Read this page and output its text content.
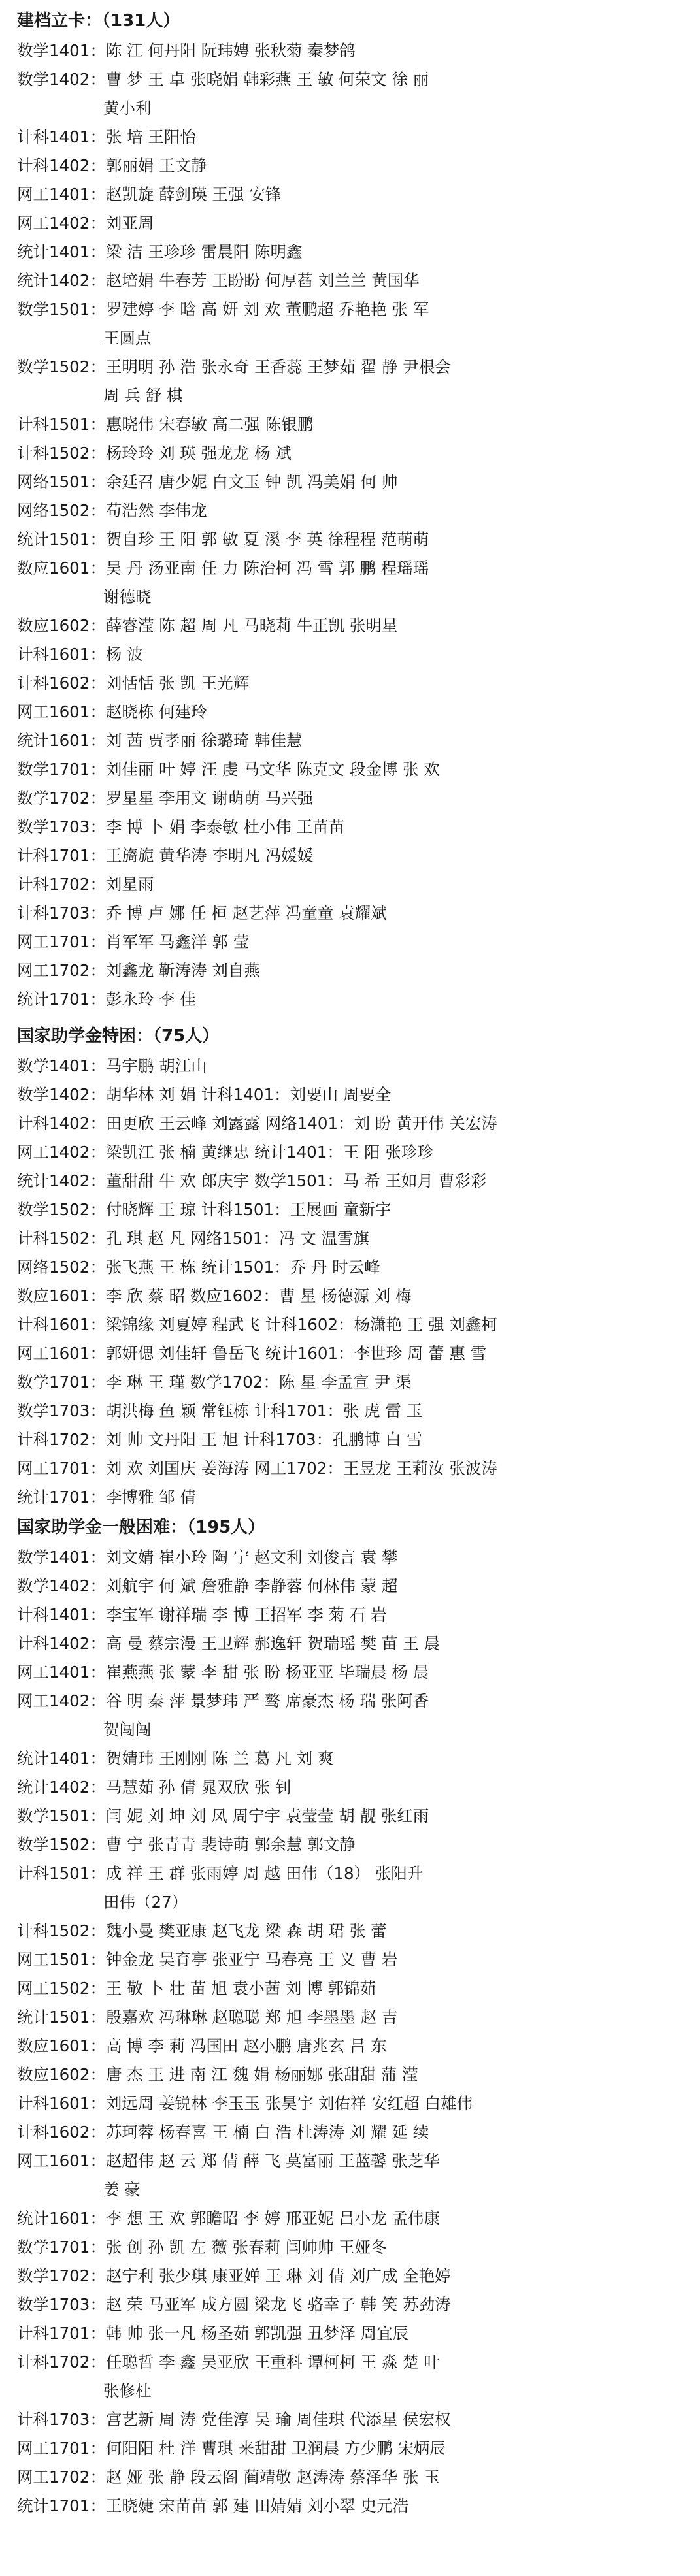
建档立卡：（131人）
数学1401：陈 江 何丹阳 阮玮娉 张秋菊 秦梦鸽
数学1402：曹 梦 王 卓 张晓娟 韩彩燕 王 敏 何荣文 徐 丽
黄小利
计科1401：张 培 王阳怡
计科1402：郭丽娟 王文静
网工1401：赵凯旋 薛剑瑛 王强 安锋
网工1402：刘亚周
统计1401：梁 洁 王珍珍 雷晨阳 陈明鑫
统计1402：赵培娟 牛春芳 王盼盼 何厚萏 刘兰兰 黄国华
数学1501：罗建婷 李 晗 高 妍 刘 欢 董鹏超 乔艳艳 张 军
王圆点
数学1502：王明明 孙 浩 张永奇 王香蕊 王梦茹 翟 静 尹根会
周 兵 舒 棋
计科1501：惠晓伟 宋春敏 高二强 陈银鹏
计科1502：杨玲玲 刘 瑛 强龙龙 杨 斌
网络1501：余廷召 唐少妮 白文玉 钟 凯 冯美娟 何 帅
网络1502：苟浩然 李伟龙
统计1501：贺自珍 王 阳 郭 敏 夏 溪 李 英 徐程程 范萌萌
数应1601：吴 丹 汤亚南 任 力 陈治柯 冯 雪 郭 鹏 程瑶瑶
谢德晓
数应1602：薛睿滢 陈 超 周 凡 马晓莉 牛正凯 张明星
计科1601：杨 波
计科1602：刘恬恬 张 凯 王光辉
网工1601：赵晓栋 何建玲
统计1601：刘 茜 贾孝丽 徐璐琦 韩佳慧
数学1701：刘佳丽 叶 婷 汪 虔 马文华 陈克文 段金博 张 欢
数学1702：罗星星 李用文 谢萌萌 马兴强
数学1703：李 博 卜 娟 李泰敏 杜小伟 王苗苗
计科1701：王旖旎 黄华涛 李明凡 冯媛媛
计科1702：刘星雨
计科1703：乔 博 卢 娜 任 桓 赵艺萍 冯童童 袁耀斌
网工1701：肖军军 马鑫洋 郭 莹
网工1702：刘鑫龙 靳涛涛 刘自燕
统计1701：彭永玲 李 佳
国家助学金特困：（75人）
数学1401：马宇鹏 胡江山
数学1402：胡华林 刘 娟 计科1401：刘要山 周要全
计科1402：田更欣 王云峰 刘露露 网络1401：刘 盼 黄开伟 关宏涛
网工1402：梁凯江 张 楠 黄继忠 统计1401：王 阳 张珍珍
统计1402：董甜甜 牛 欢 郎庆宇 数学1501：马 希 王如月 曹彩彩
数学1502：付晓辉 王 琼 计科1501：王展画 童新宇
计科1502：孔 琪 赵 凡 网络1501：冯 文 温雪旗
网络1502：张飞燕 王 栋 统计1501：乔 丹 时云峰
数应1601：李 欣 蔡 昭 数应1602：曹 星 杨德源 刘 梅
计科1601：梁锦缘 刘夏婷 程武飞 计科1602：杨潇艳 王 强 刘鑫柯
网工1601：郭妍偲 刘佳轩 鲁岳飞 统计1601：李世珍 周 蕾 惠 雪
数学1701：李 琳 王 瑾 数学1702：陈 星 李孟宣 尹 渠
数学1703：胡洪梅 鱼 颖 常钰栋 计科1701：张 虎 雷 玉
计科1702：刘 帅 文丹阳 王 旭 计科1703：孔鹏博 白 雪
网工1701：刘 欢 刘国庆 姜海涛 网工1702：王昱龙 王莉汝 张波涛
统计1701：李博雅 邹 倩
国家助学金一般困难：（195人）
数学1401：刘文婧 崔小玲 陶 宁 赵文利 刘俊言 袁 攀
数学1402：刘航宇 何 斌 詹雅静 李静蓉 何林伟 蒙 超
计科1401：李宝军 谢祥瑞 李 博 王招军 李 菊 石 岩
计科1402：高 曼 蔡宗漫 王卫辉 郝逸轩 贺瑞瑶 樊 苗 王 晨
网工1401：崔燕燕 张 蒙 李 甜 张 盼 杨亚亚 毕瑞晨 杨 晨
网工1402：谷 明 秦 萍 景梦玮 严 骜 席豪杰 杨 瑞 张阿香
贺闯闯
统计1401：贺婧玮 王刚刚 陈 兰 葛 凡 刘 爽
统计1402：马慧茹 孙 倩 晁双欣 张 钊
数学1501：闫 妮 刘 坤 刘 凤 周宁宇 袁莹莹 胡 靓 张红雨
数学1502：曹 宁 张青青 裴诗萌 郭余慧 郭文静
计科1501：成 祥 王 群 张雨婷 周 越 田伟（18） 张阳升
田伟（27）
计科1502：魏小曼 樊亚康 赵飞龙 梁 森 胡 珺 张 蕾
网工1501：钟金龙 吴育亭 张亚宁 马春亮 王 义 曹 岩
网工1502：王 敬 卜 壮 苗 旭 袁小茜 刘 博 郭锦茹
统计1501：殷嘉欢 冯琳琳 赵聪聪 郑 旭 李墨墨 赵 吉
数应1601：高 博 李 莉 冯国田 赵小鹏 唐兆玄 吕 东
数应1602：唐 杰 王 进 南 江 魏 娟 杨丽娜 张甜甜 蒲 滢
计科1601：刘远周 姜锐林 李玉玉 张昊宇 刘佑祥 安红超 白雄伟
计科1602：苏珂蓉 杨春喜 王 楠 白 浩 杜涛涛 刘 耀 延 续
网工1601：赵超伟 赵 云 郑 倩 薛 飞 莫富丽 王蓝馨 张芝华
姜 豪
统计1601：李 想 王 欢 郭瞻昭 李 婷 邢亚妮 吕小龙 孟伟康
数学1701：张 创 孙 凯 左 薇 张春莉 闫帅帅 王娅冬
数学1702：赵宁利 张少琪 康亚婵 王 琳 刘 倩 刘广成 全艳婷
数学1703：赵 荣 马亚军 成方圆 梁龙飞 骆幸子 韩 笑 苏劲涛
计科1701：韩 帅 张一凡 杨圣茹 郭凯强 丑梦泽 周宜辰
计科1702：任聪哲 李 鑫 吴亚欣 王重科 谭柯柯 王 淼 楚 叶
张修杜
计科1703：宫艺新 周 涛 党佳淳 吴 瑜 周佳琪 代添星 侯宏权
网工1701：何阳阳 杜 洋 曹琪 来甜甜 卫润晨 方少鹏 宋炳辰
网工1702：赵 娅 张 静 段云阁 蔺靖敬 赵涛涛 蔡泽华 张 玉
统计1701：王晓婕 宋苗苗 郭 建 田婧婧 刘小翠 史元浩
